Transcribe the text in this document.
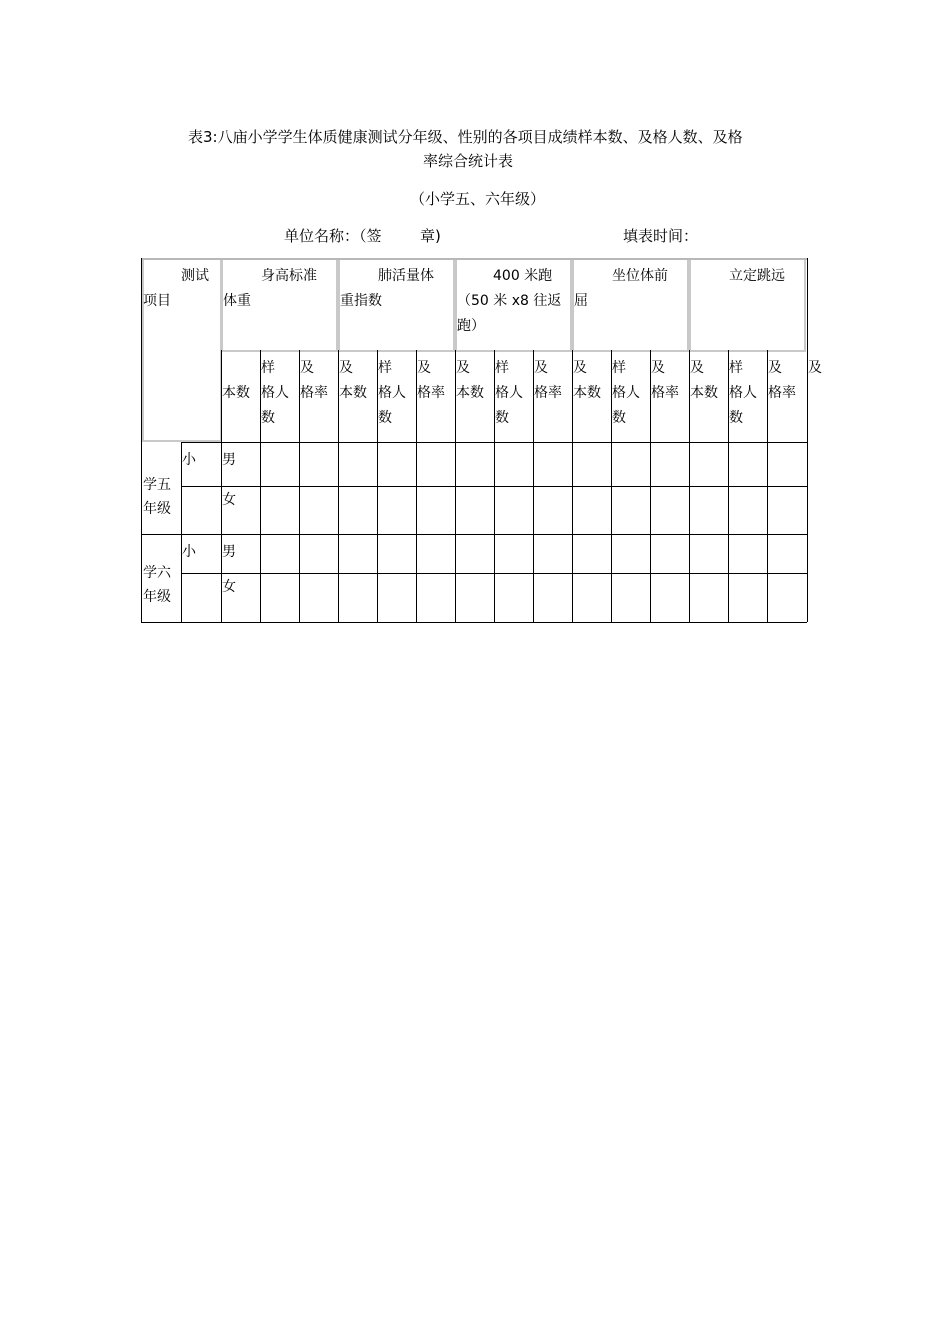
表3:八庙小学学生体质健康测试分年级、性别的各项目成绩样本数、及格人数、及格
率综合统计表
（小学五、六年级）
单位名称：（签	章)	填表时间：
测试
项目
身高标准
体重
肺活量体
重指数
400 米跑
（50 米 x8 往返
跑）
坐位体前
屈
立定跳远
本数
样
格人
数
及
格率
及
本数
样
格人
数
及
格率
及
本数
样
格人
数
及
格率
及
本数
样
格人
数
及
格率
及
本数
样
格人
数
及
格率
及
小
学五
年级
男
女
小
学六
年级
男
女
